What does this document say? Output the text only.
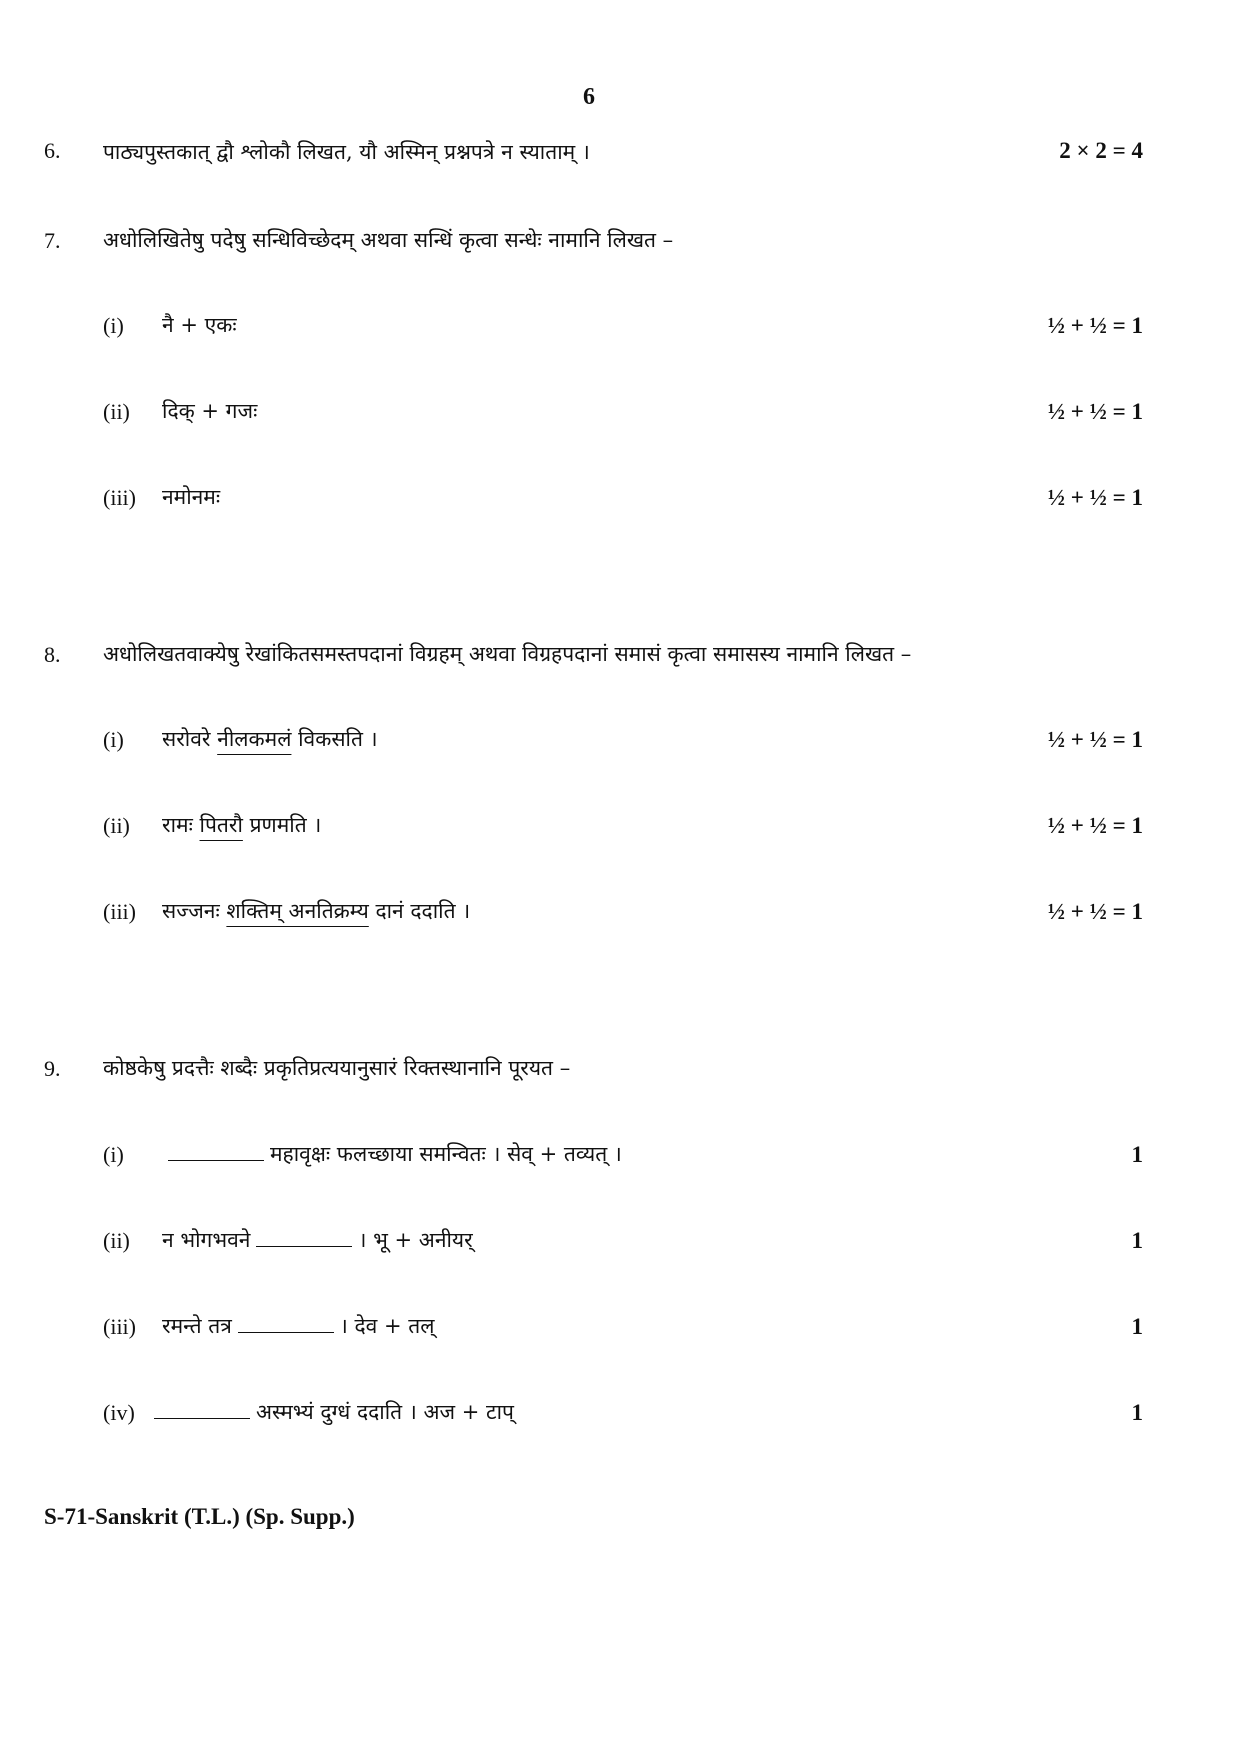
6
6. पाठ्यपुस्तकात् द्वौ श्लोकौ लिखत, यौ अस्मिन् प्रश्नपत्रे न स्याताम् ।	2 × 2 = 4
7. अधोलिखितेषु पदेषु सन्धिविच्छेदम् अथवा सन्धिं कृत्वा सन्धेः नामानि लिखत –
(i) नै + एकः	½ + ½ = 1
(ii) दिक् + गजः	½ + ½ = 1
(iii) नमोनमः	½ + ½ = 1
8. अधोलिखतवाक्येषु रेखांकितसमस्तपदानां विग्रहम् अथवा विग्रहपदानां समासं कृत्वा समासस्य नामानि लिखत –
(i) सरोवरे नीलकमलं विकसति ।	½ + ½ = 1
(ii) रामः पितरौ प्रणमति ।	½ + ½ = 1
(iii) सज्जनः शक्तिम् अनतिक्रम्य दानं ददाति ।	½ + ½ = 1
9. कोष्ठकेषु प्रदत्तैः शब्दैः प्रकृतिप्रत्ययानुसारं रिक्तस्थानानि पूरयत –
(i)	महावृक्षः फलच्छाया समन्वितः । सेव् + तव्यत् ।	1
(ii) न भोगभवने	। भू + अनीयर्	1
(iii) रमन्ते तत्र	। देव + तल्	1
(iv)	अस्मभ्यं दुग्धं ददाति । अज + टाप्	1
S-71-Sanskrit (T.L.) (Sp. Supp.)
